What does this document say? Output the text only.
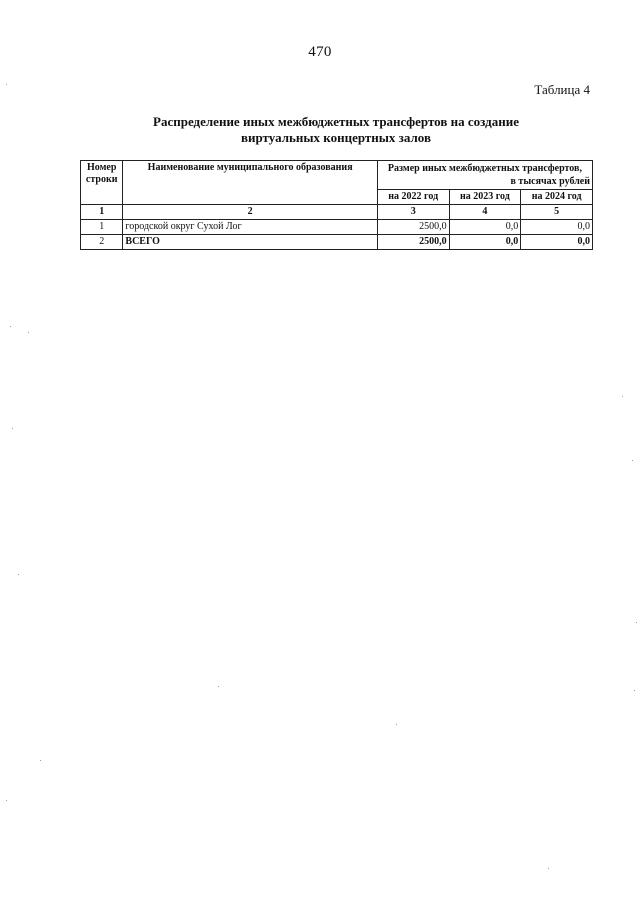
470
Таблица 4
Распределение иных межбюджетных трансфертов на создание
виртуальных концертных залов
Номер
строки	Наименование муниципального образования	Размер иных межбюджетных трансфертов,
в тысячах рублей		

		на 2022 год	на 2023 год	на 2024 год
1	2	3	4	5
1	городской округ Сухой Лог	2500,0	0,0	0,0
2	ВСЕГО	2500,0	0,0	0,0
